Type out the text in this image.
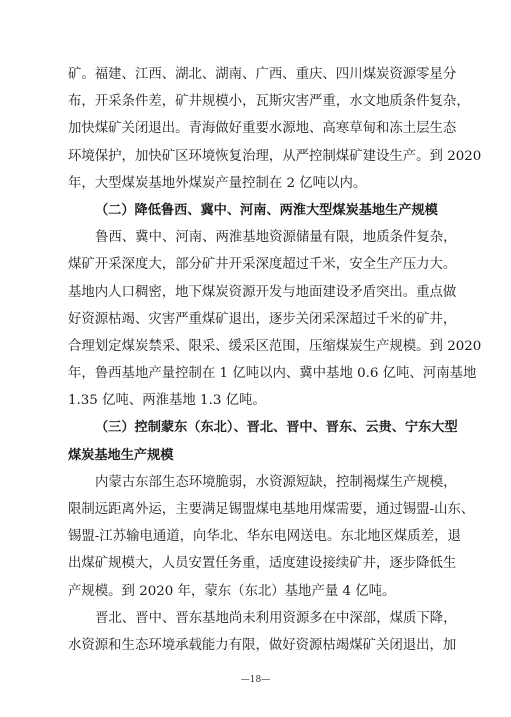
矿。福建、江西、湖北、湖南、广西、重庆、四川煤炭资源零星分
布，开采条件差，矿井规模小，瓦斯灾害严重，水文地质条件复杂，
加快煤矿关闭退出。青海做好重要水源地、高寒草甸和冻土层生态
环境保护，加快矿区环境恢复治理，从严控制煤矿建设生产。到 2020
年，大型煤炭基地外煤炭产量控制在 2 亿吨以内。
（二）降低鲁西、冀中、河南、两淮大型煤炭基地生产规模
鲁西、冀中、河南、两淮基地资源储量有限，地质条件复杂，
煤矿开采深度大，部分矿井开采深度超过千米，安全生产压力大。
基地内人口稠密，地下煤炭资源开发与地面建设矛盾突出。重点做
好资源枯竭、灾害严重煤矿退出，逐步关闭采深超过千米的矿井，
合理划定煤炭禁采、限采、缓采区范围，压缩煤炭生产规模。到 2020
年，鲁西基地产量控制在 1 亿吨以内、冀中基地 0.6 亿吨、河南基地
1.35 亿吨、两淮基地 1.3 亿吨。
（三）控制蒙东（东北）、晋北、晋中、晋东、云贵、宁东大型
煤炭基地生产规模
内蒙古东部生态环境脆弱，水资源短缺，控制褐煤生产规模，
限制远距离外运，主要满足锡盟煤电基地用煤需要，通过锡盟-山东、
锡盟-江苏输电通道，向华北、华东电网送电。东北地区煤质差，退
出煤矿规模大，人员安置任务重，适度建设接续矿井，逐步降低生
产规模。到 2020 年，蒙东（东北）基地产量 4 亿吨。
晋北、晋中、晋东基地尚未利用资源多在中深部，煤质下降，
水资源和生态环境承载能力有限，做好资源枯竭煤矿关闭退出，加
—18—
